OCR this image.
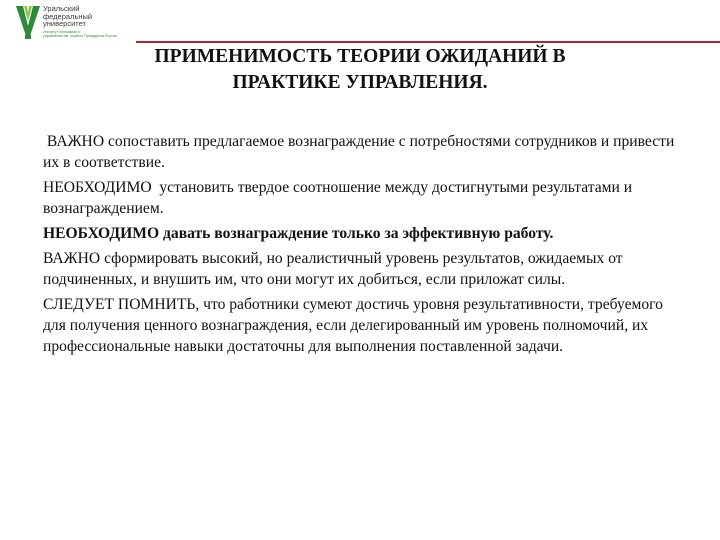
Уральский
федеральный
университет
Институт экономики и
управления им. первого Президента России
ПРИМЕНИМОСТЬ ТЕОРИИ ОЖИДАНИЙ В
ПРАКТИКЕ УПРАВЛЕНИЯ.

ВАЖНО сопоставить предлагаемое вознаграждение с потребностями сотрудников и привести их в соответствие.

НЕОБХОДИМО  установить твердое соотношение между достигнутыми результатами и вознаграждением.

НЕОБХОДИМО давать вознаграждение только за эффективную работу.

ВАЖНО сформировать высокий, но реалистичный уровень результатов, ожидаемых от подчиненных, и внушить им, что они могут их добиться, если приложат силы.

СЛЕДУЕТ ПОМНИТЬ, что работники сумеют достичь уровня результативности, требуемого для получения ценного вознаграждения, если делегированный им уровень полномочий, их профессиональные навыки достаточны для выполнения поставленной задачи.
